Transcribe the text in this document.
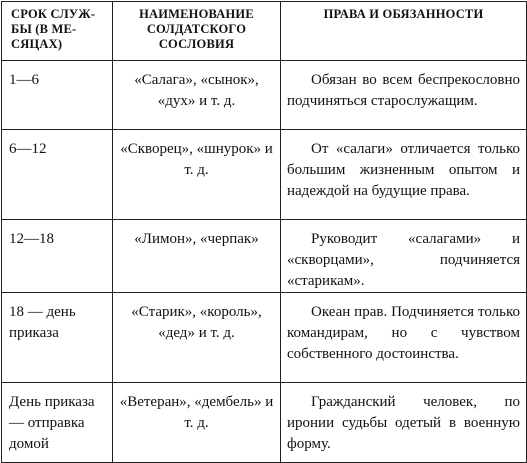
СРОК СЛУЖ-БЫ (В МЕ-СЯЦАХ)	НАИМЕНОВАНИЕ СОЛДАТСКОГО СОСЛОВИЯ	ПРАВА И ОБЯЗАННОСТИ
1—6	«Салага», «сынок», «дух» и т. д.	Обязан во всем беспрекословно подчиняться старослужащим.
6—12	«Скворец», «шнурок» и т. д.	От «салаги» отличается только большим жизненным опытом и надеждой на будущие права.
12—18	«Лимон», «черпак»	Руководит «салагами» и «скворцами», подчиняется «старикам».
18 — день приказа	«Старик», «король», «дед» и т. д.	Океан прав. Подчиняется только командирам, но с чувством собственного достоинства.
День приказа — отправка домой	«Ветеран», «дембель» и т. д.	Гражданский человек, по иронии судьбы одетый в военную форму.
